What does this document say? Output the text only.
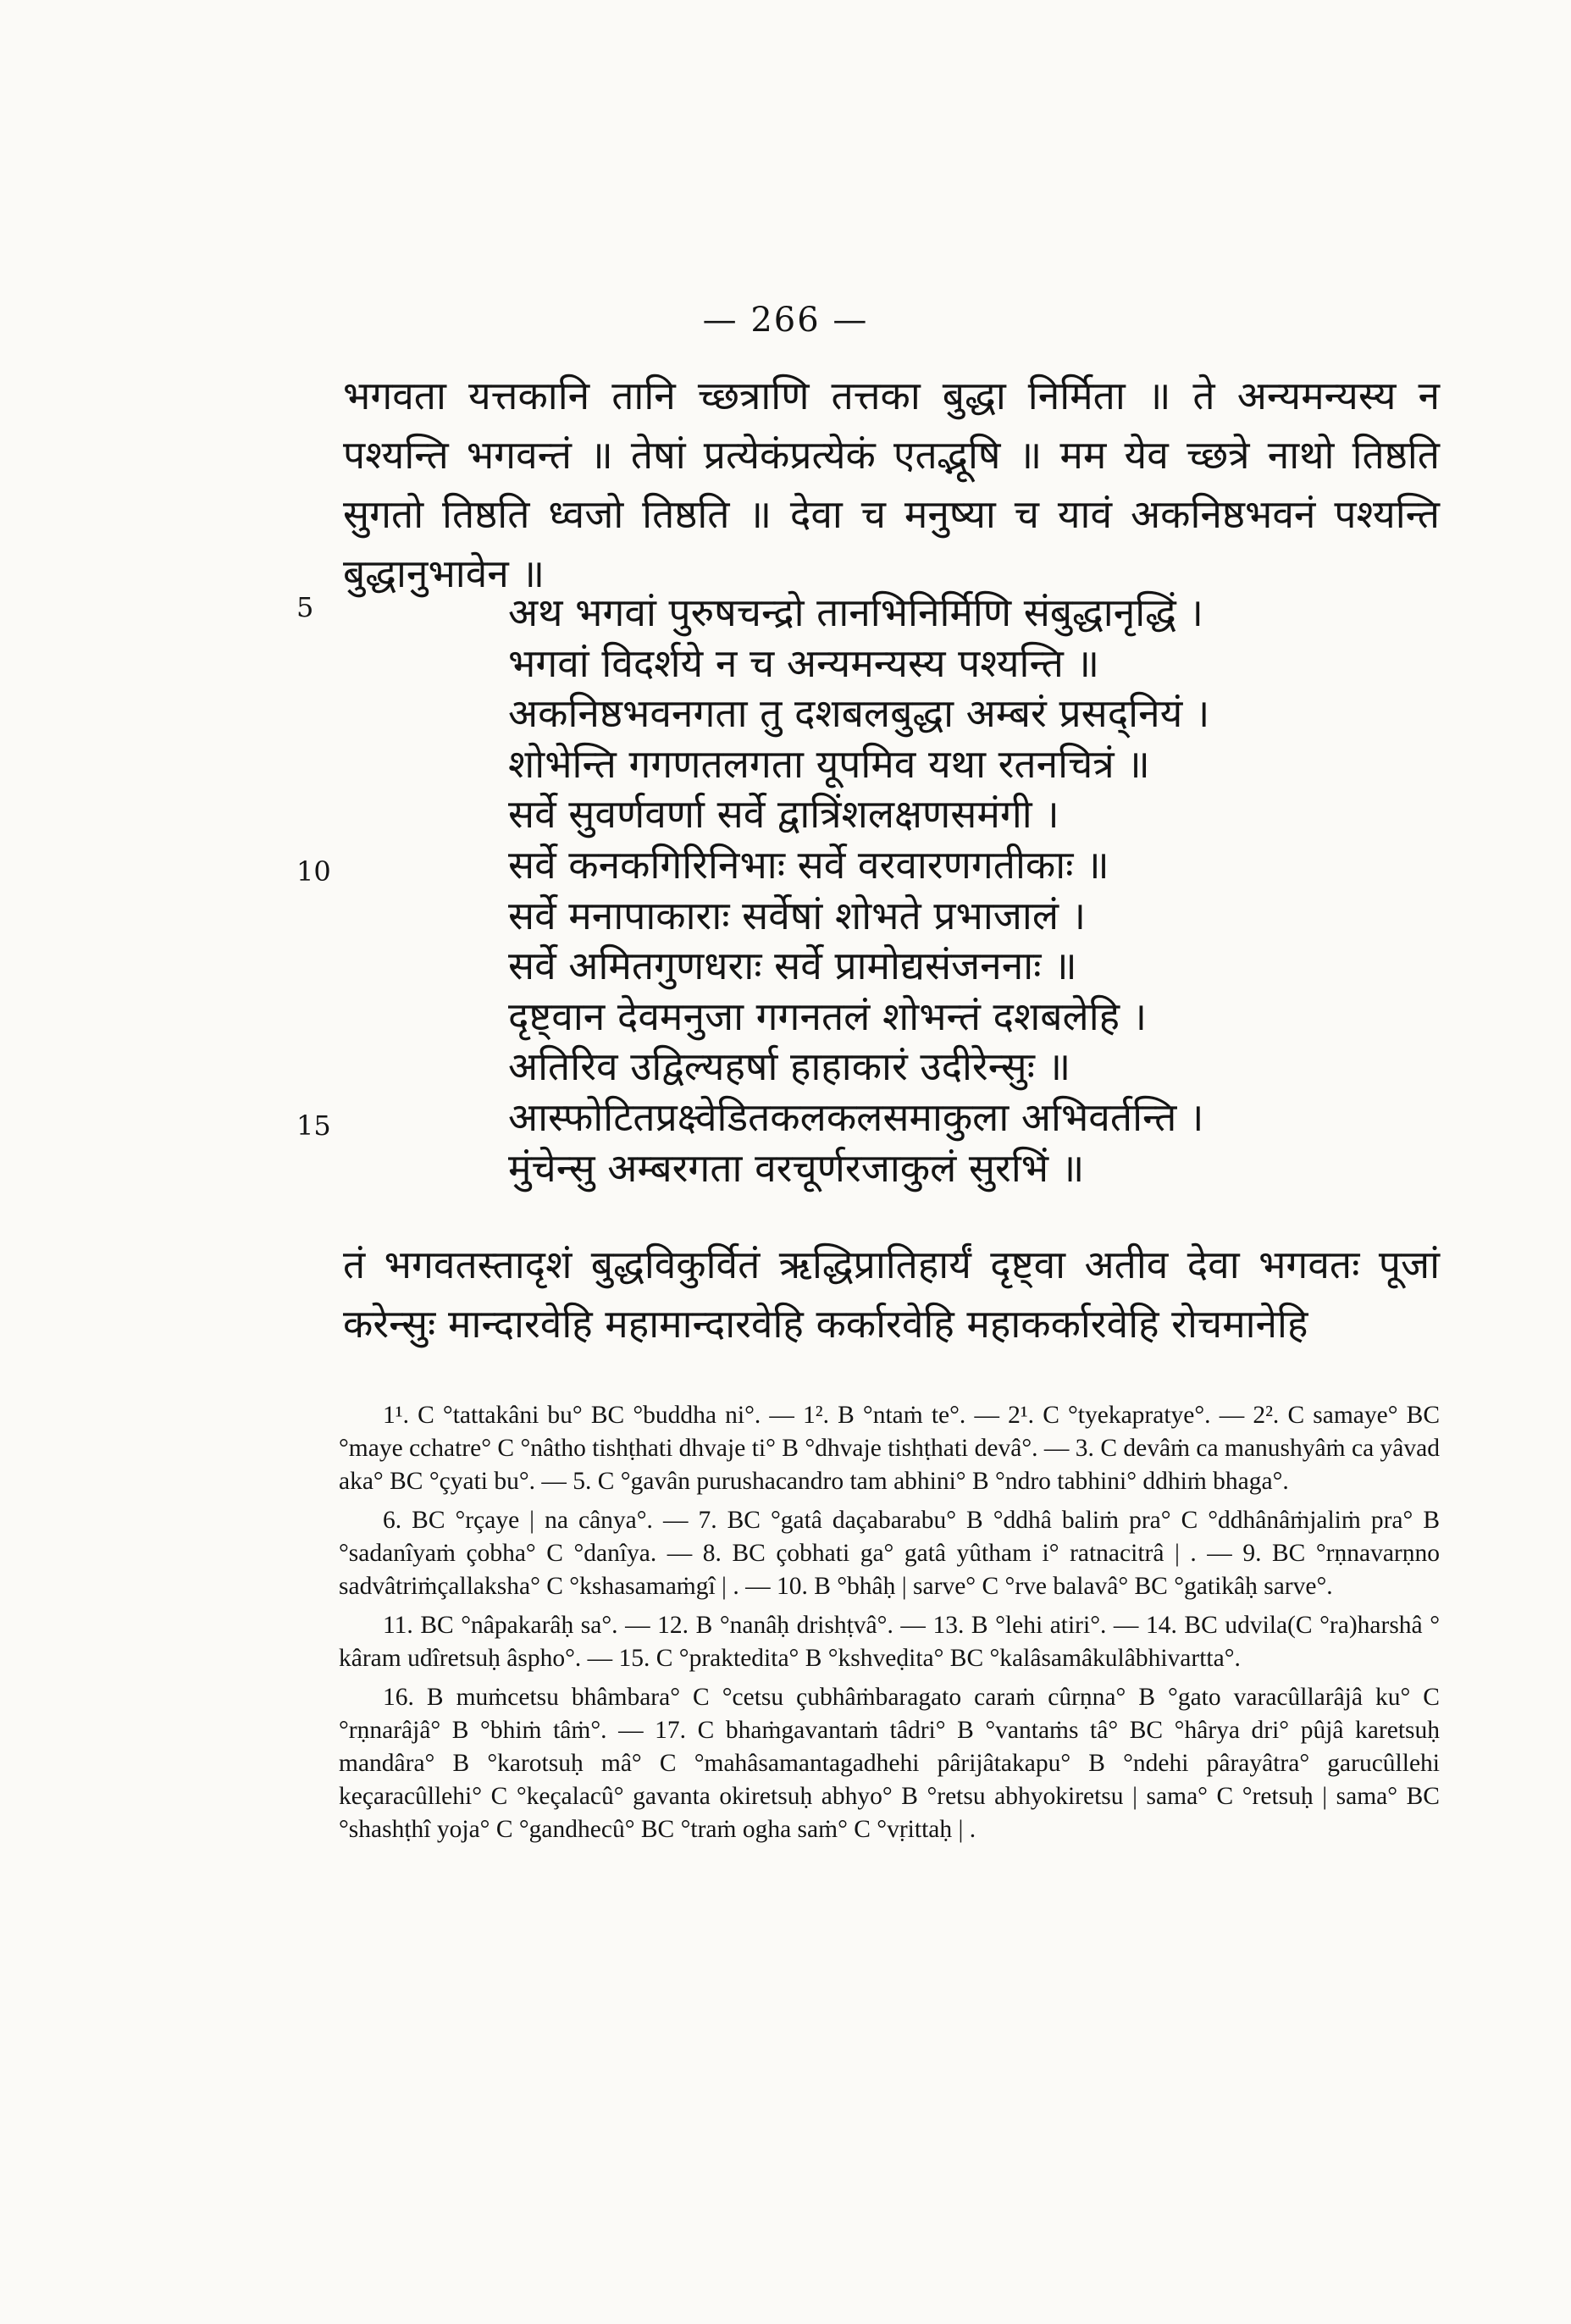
— 266 —
भगवता यत्तकानि तानि च्छत्राणि तत्तका बुद्धा निर्मिता ॥ ते अन्यमन्यस्य न पश्यन्ति भगवन्तं ॥ तेषां प्रत्येकंप्रत्येकं एतद्भूषि ॥ मम येव च्छत्रे नाथो तिष्ठति सुगतो तिष्ठति ध्वजो तिष्ठति ॥ देवा च मनुष्या च यावं अकनिष्ठभवनं पश्यन्ति बुद्धानुभावेन ॥
5
10
15
अथ भगवां पुरुषचन्द्रो तानभिनिर्मिणि संबुद्धानृद्धिं ।
भगवां विदर्शये न च अन्यमन्यस्य पश्यन्ति ॥
अकनिष्ठभवनगता तु दशबलबुद्धा अम्बरं प्रसद्नियं ।
शोभेन्ति गगणतलगता यूपमिव यथा रतनचित्रं ॥
सर्वे सुवर्णवर्णा सर्वे द्वात्रिंशलक्षणसमंगी ।
सर्वे कनकगिरिनिभाः सर्वे वरवारणगतीकाः ॥
सर्वे मनापाकाराः सर्वेषां शोभते प्रभाजालं ।
सर्वे अमितगुणधराः सर्वे प्रामोद्यसंजननाः ॥
दृष्ट्वान देवमनुजा गगनतलं शोभन्तं दशबलेहि ।
अतिरिव उद्विल्यहर्षा हाहाकारं उदीरेन्सुः ॥
आस्फोटितप्रक्ष्वेडितकलकलसमाकुला अभिवर्तन्ति ।
मुंचेन्सु अम्बरगता वरचूर्णरजाकुलं सुरभिं ॥
तं भगवतस्तादृशं बुद्धविकुर्वितं ऋद्धिप्रातिहार्यं दृष्ट्वा अतीव देवा भगवतः पूजां करेन्सुः मान्दारवेहि महामान्दारवेहि कर्कारवेहि महाकर्कारवेहि रोचमानेहि

1¹. C °tattakâni bu° BC °buddha ni°. — 1². B °ntaṁ te°. — 2¹. C °tyekapratye°. — 2². C samaye° BC °maye cchatre° C °nâtho tishṭhati dhvaje ti° B °dhvaje tishṭhati devâ°. — 3. C devâṁ ca manushyâṁ ca yâvad aka° BC °çyati bu°. — 5. C °gavân purushacandro tam abhini° B °ndro tabhini° ddhiṁ bhaga°.

6. BC °rçaye | na cânya°. — 7. BC °gatâ daçabarabu° B °ddhâ baliṁ pra° C °ddhânâṁjaliṁ pra° B °sadanîyaṁ çobha° C °danîya. — 8. BC çobhati ga° gatâ yûtham i° ratnacitrâ | . — 9. BC °rṇnavarṇno sadvâtriṁçallaksha° C °kshasamaṁgî | . — 10. B °bhâḥ | sarve° C °rve balavâ° BC °gatikâḥ sarve°.

11. BC °nâpakarâḥ sa°. — 12. B °nanâḥ drishṭvâ°. — 13. B °lehi atiri°. — 14. BC udvila(C °ra)harshâ ° kâram udîretsuḥ âspho°. — 15. C °praktedita° B °kshveḍita° BC °kalâsamâkulâbhivartta°.

16. B muṁcetsu bhâmbara° C °cetsu çubhâṁbaragato caraṁ cûrṇna° B °gato varacûllarâjâ ku° C °rṇnarâjâ° B °bhiṁ tâṁ°. — 17. C bhaṁgavantaṁ tâdri° B °vantaṁs tâ° BC °hârya dri° pûjâ karetsuḥ mandâra° B °karotsuḥ mâ° C °mahâsamantagadhehi pârijâtakapu° B °ndehi pârayâtra° garucûllehi keçaracûllehi° C °keçalacû° gavanta okiretsuḥ abhyo° B °retsu abhyokiretsu | sama° C °retsuḥ | sama° BC °shashṭhî yoja° C °gandhecû° BC °traṁ ogha saṁ° C °vṛittaḥ | .
